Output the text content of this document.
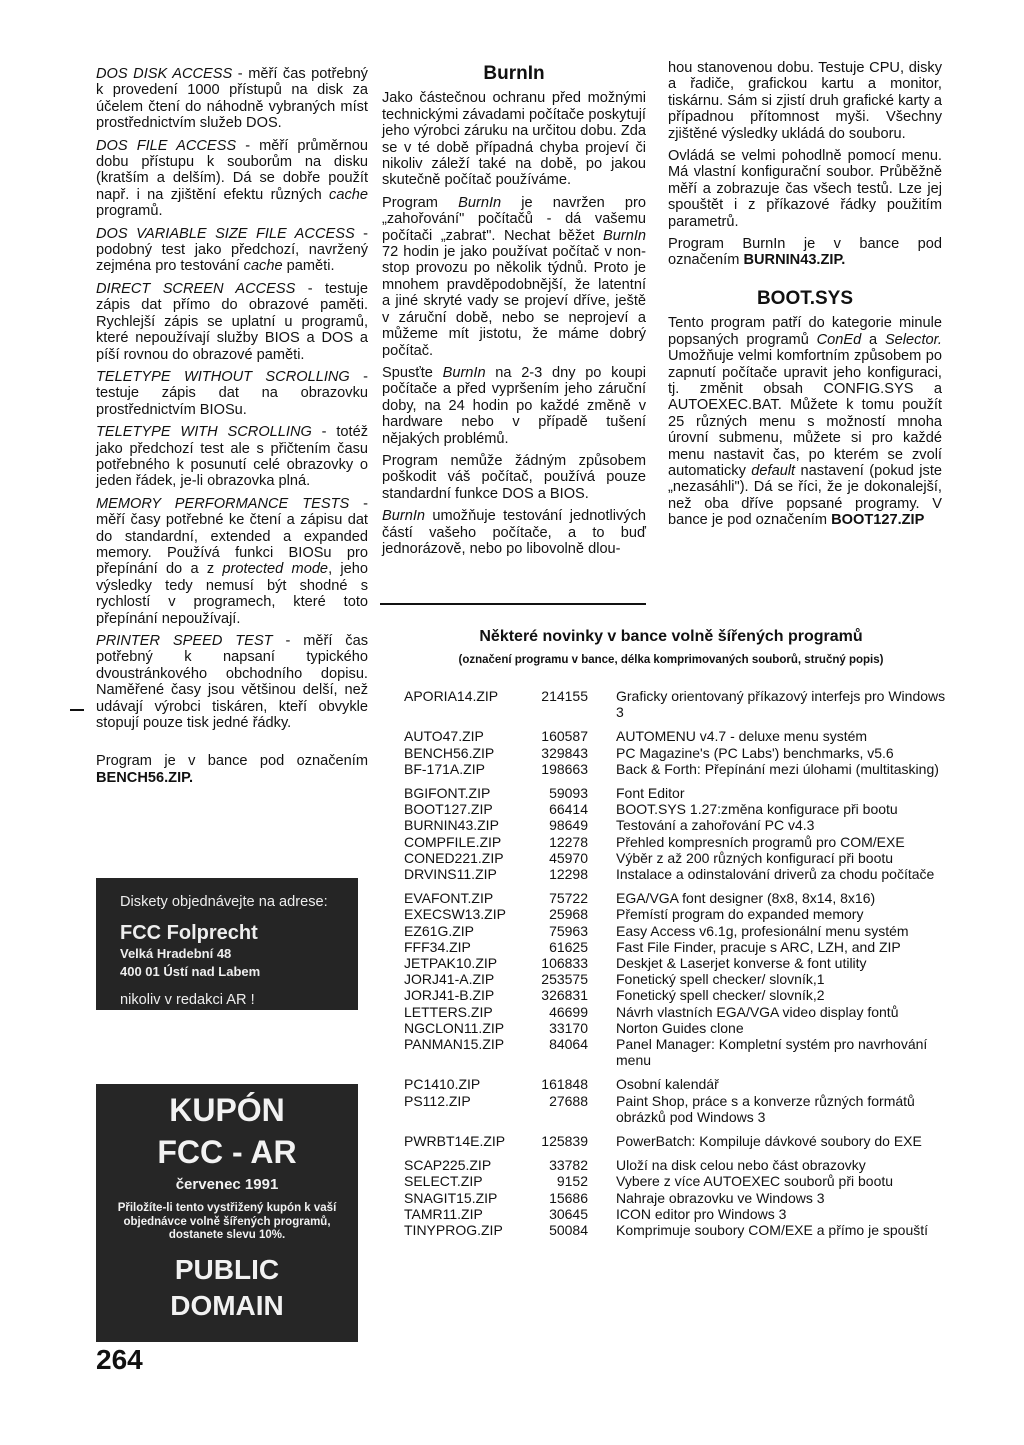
DOS DISK ACCESS - měří čas potřebný k provedení 1000 přístupů na disk za účelem čtení do náhodně vybraných míst prostřednictvím služeb DOS.

DOS FILE ACCESS - měří průměrnou dobu přístupu k souborům na disku (kratším a delším). Dá se dobře použít např. i na zjištění efektu různých cache programů.

DOS VARIABLE SIZE FILE ACCESS - podobný test jako předchozí, navržený zejména pro testování cache paměti.

DIRECT SCREEN ACCESS - testuje zápis dat přímo do obrazové paměti. Rychlejší zápis se uplatní u programů, které nepoužívají služby BIOS a DOS a píší rovnou do obrazové paměti.

TELETYPE WITHOUT SCROLLING - testuje zápis dat na obrazovku prostřednictvím BIOSu.

TELETYPE WITH SCROLLING - totéž jako předchozí test ale s přičtením času potřebného k posunutí celé obrazovky o jeden řádek, je-li obrazovka plná.

MEMORY PERFORMANCE TESTS - měří časy potřebné ke čtení a zápisu dat do standardní, extended a expanded memory. Používá funkci BIOSu pro přepínání do a z protected mode, jeho výsledky tedy nemusí být shodné s rychlostí v programech, které toto přepínání nepoužívají.

PRINTER SPEED TEST - měří čas potřebný k napsaní typického dvoustránkového obchodního dopisu. Naměřené časy jsou většinou delší, než udávají výrobci tiskáren, kteří obvykle stopují pouze tisk jedné řádky.

Program je v bance pod označením BENCH56.ZIP.

Diskety objednávejte na adrese:
FCC Folprecht
Velká Hradební 48
400 01 Ústí nad Labem
nikoliv v redakci AR !
KUPÓN
FCC - AR
červenec 1991
Přiložíte-li tento vystřižený kupón k vaší objednávce volně šířených programů, dostanete slevu 10%.
PUBLIC
DOMAIN
264
BurnIn

Jako částečnou ochranu před možnými technickými závadami počítače poskytují jeho výrobci záruku na určitou dobu. Zda se v té době případná chyba projeví či nikoliv záleží také na době, po jakou skutečně počítač používáme.

Program BurnIn je navržen pro „zahořování" počítačů - dá vašemu počítači „zabrat". Nechat běžet BurnIn 72 hodin je jako používat počítač v non-stop provozu po několik týdnů. Proto je mnohem pravděpodobnější, že latentní a jiné skryté vady se projeví dříve, ještě v záruční době, nebo se neprojeví a můžeme mít jistotu, že máme dobrý počítač.

Spusťte BurnIn na 2-3 dny po koupi počítače a před vypršením jeho záruční doby, na 24 hodin po každé změně v hardware nebo v případě tušení nějakých problémů.

Program nemůže žádným způsobem poškodit váš počítač, používá pouze standardní funkce DOS a BIOS.

BurnIn umožňuje testování jednotlivých částí vašeho počítače, a to buď jednorázově, nebo po libovolně dlou-

hou stanovenou dobu. Testuje CPU, disky a řadiče, grafickou kartu a monitor, tiskárnu. Sám si zjistí druh grafické karty a případnou přítomnost myši. Všechny zjištěné výsledky ukládá do souboru.

Ovládá se velmi pohodlně pomocí menu. Má vlastní konfigurační soubor. Průběžně měří a zobrazuje čas všech testů. Lze jej spouštět i z příkazové řádky použitím parametrů.

Program BurnIn je v bance pod označením BURNIN43.ZIP.

BOOT.SYS

Tento program patří do kategorie minule popsaných programů ConEd a Selector. Umožňuje velmi komfortním způsobem po zapnutí počítače upravit jeho konfiguraci, tj. změnit obsah CONFIG.SYS a AUTOEXEC.BAT. Můžete k tomu použít 25 různých menu s možností mnoha úrovní submenu, můžete si pro každé menu nastavit čas, po kterém se zvolí automaticky default nastavení (pokud jste „nezasáhli"). Dá se říci, že je dokonalejší, než oba dříve popsané programy. V bance je pod označením BOOT127.ZIP

Některé novinky v bance volně šířených programů
(označení programu v bance, délka komprimovaných souborů, stručný popis)
APORIA14.ZIP	214155	Graficky orientovaný příkazový interfejs pro Windows 3
AUTO47.ZIP	160587	AUTOMENU v4.7 - deluxe menu systém
BENCH56.ZIP	329843	PC Magazine's (PC Labs') benchmarks, v5.6
BF-171A.ZIP	198663	Back & Forth: Přepínání mezi úlohami (multitasking)
BGIFONT.ZIP	59093	Font Editor
BOOT127.ZIP	66414	BOOT.SYS 1.27:změna konfigurace při bootu
BURNIN43.ZIP	98649	Testování a zahořování PC v4.3
COMPFILE.ZIP	12278	Přehled kompresních programů pro COM/EXE
CONED221.ZIP	45970	Výběr z až 200 různých konfigurací při bootu
DRVINS11.ZIP	12298	Instalace a odinstalování driverů za chodu počítače
EVAFONT.ZIP	75722	EGA/VGA font designer (8x8, 8x14, 8x16)
EXECSW13.ZIP	25968	Přemístí program do expanded memory
EZ61G.ZIP	75963	Easy Access v6.1g, profesionální menu systém
FFF34.ZIP	61625	Fast File Finder, pracuje s ARC, LZH, and ZIP
JETPAK10.ZIP	106833	Deskjet & Laserjet konverse & font utility
JORJ41-A.ZIP	253575	Fonetický spell checker/ slovník,1
JORJ41-B.ZIP	326831	Fonetický spell checker/ slovník,2
LETTERS.ZIP	46699	Návrh vlastních EGA/VGA video display fontů
NGCLON11.ZIP	33170	Norton Guides clone
PANMAN15.ZIP	84064	Panel Manager: Kompletní systém pro navrhování menu
PC1410.ZIP	161848	Osobní kalendář
PS112.ZIP	27688	Paint Shop, práce s a konverze různých formátů obrázků pod Windows 3
PWRBT14E.ZIP	125839	PowerBatch: Kompiluje dávkové soubory do EXE
SCAP225.ZIP	33782	Uloží na disk celou nebo část obrazovky
SELECT.ZIP	9152	Vybere z více AUTOEXEC souborů při bootu
SNAGIT15.ZIP	15686	Nahraje obrazovku ve Windows 3
TAMR11.ZIP	30645	ICON editor pro Windows 3
TINYPROG.ZIP	50084	Komprimuje soubory COM/EXE a přímo je spouští
